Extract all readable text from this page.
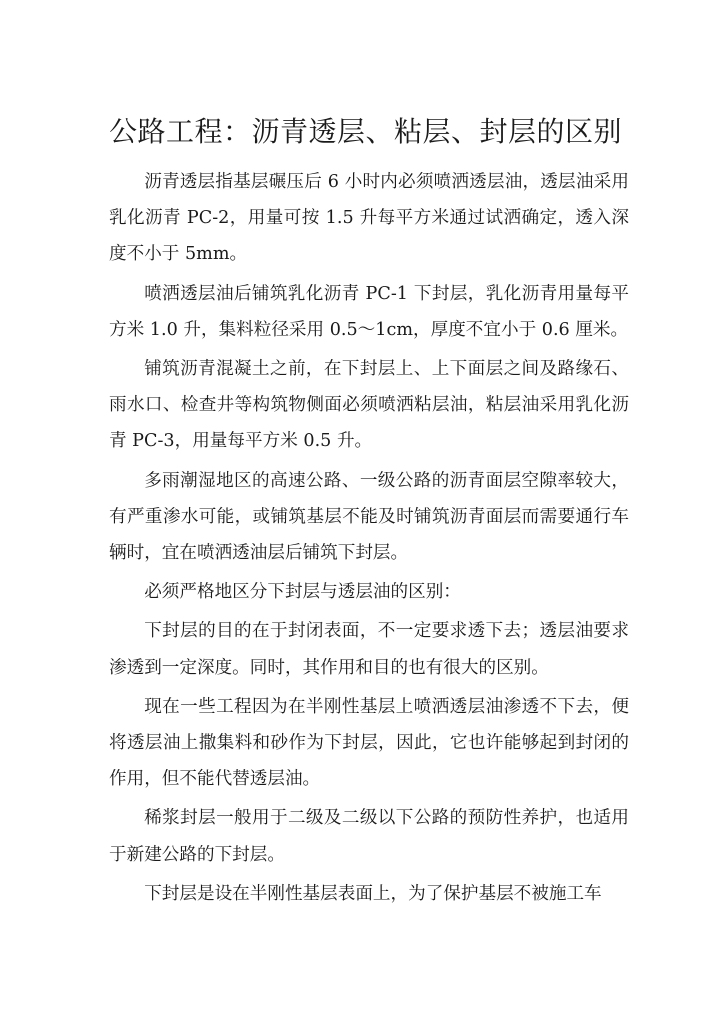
公路工程：沥青透层、粘层、封层的区别

沥青透层指基层碾压后 6 小时内必须喷洒透层油，透层油采用乳化沥青 PC-2，用量可按 1.5 升每平方米通过试洒确定，透入深度不小于 5mm。

喷洒透层油后铺筑乳化沥青 PC-1 下封层，乳化沥青用量每平方米 1.0 升，集料粒径采用 0.5～1cm，厚度不宜小于 0.6 厘米。

铺筑沥青混凝土之前，在下封层上、上下面层之间及路缘石、雨水口、检查井等构筑物侧面必须喷洒粘层油，粘层油采用乳化沥青 PC-3，用量每平方米 0.5 升。

多雨潮湿地区的高速公路、一级公路的沥青面层空隙率较大，有严重渗水可能，或铺筑基层不能及时铺筑沥青面层而需要通行车辆时，宜在喷洒透油层后铺筑下封层。

必须严格地区分下封层与透层油的区别：

下封层的目的在于封闭表面，不一定要求透下去；透层油要求渗透到一定深度。同时，其作用和目的也有很大的区别。

现在一些工程因为在半刚性基层上喷洒透层油渗透不下去，便将透层油上撒集料和砂作为下封层，因此，它也许能够起到封闭的作用，但不能代替透层油。

稀浆封层一般用于二级及二级以下公路的预防性养护，也适用于新建公路的下封层。

下封层是设在半刚性基层表面上，为了保护基层不被施工车
